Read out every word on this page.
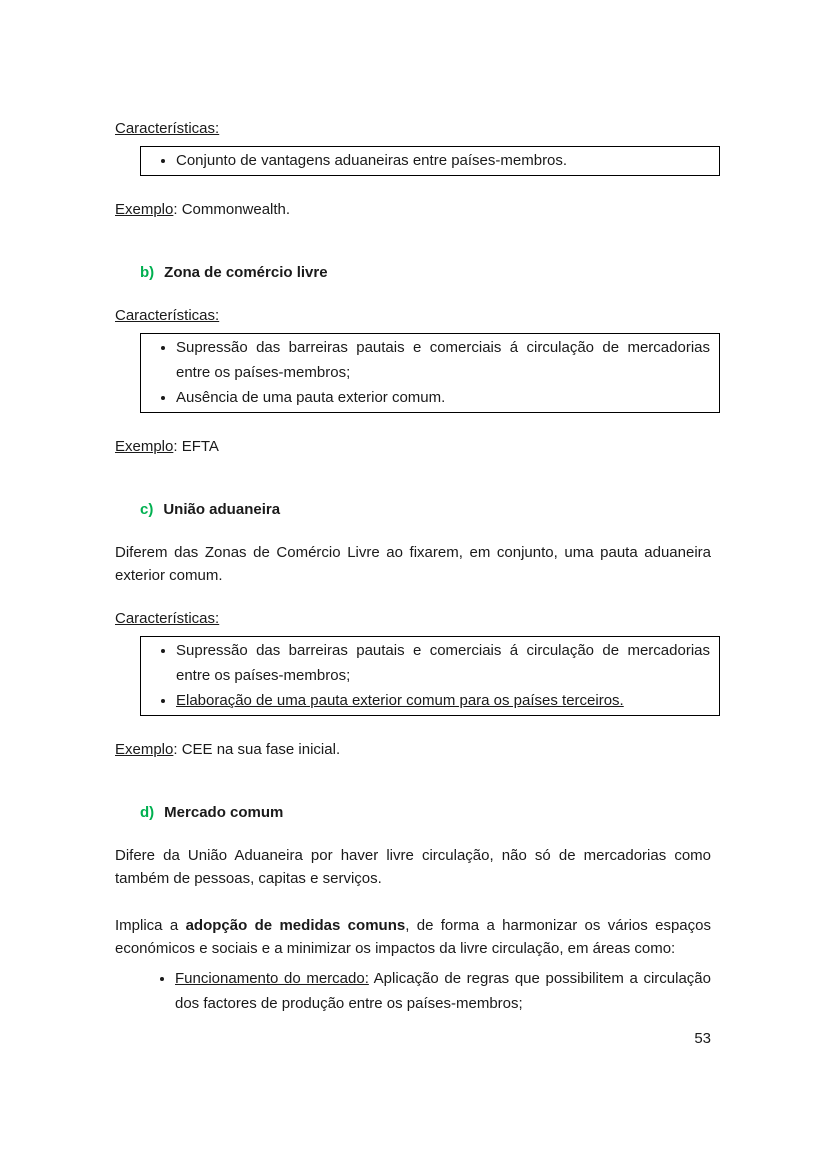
Características:

• Conjunto de vantagens aduaneiras entre países-membros.

Exemplo: Commonwealth.

b) Zona de comércio livre

Características:

• Supressão das barreiras pautais e comerciais á circulação de mercadorias entre os países-membros;
• Ausência de uma pauta exterior comum.

Exemplo: EFTA

c) União aduaneira

Diferem das Zonas de Comércio Livre ao fixarem, em conjunto, uma pauta aduaneira exterior comum.

Características:

• Supressão das barreiras pautais e comerciais á circulação de mercadorias entre os países-membros;
• Elaboração de uma pauta exterior comum para os países terceiros.

Exemplo: CEE na sua fase inicial.

d) Mercado comum

Difere da União Aduaneira por haver livre circulação, não só de mercadorias como também de pessoas, capitas e serviços.

Implica a adopção de medidas comuns, de forma a harmonizar os vários espaços económicos e sociais e a minimizar os impactos da livre circulação, em áreas como:

• Funcionamento do mercado: Aplicação de regras que possibilitem a circulação dos factores de produção entre os países-membros;
53
